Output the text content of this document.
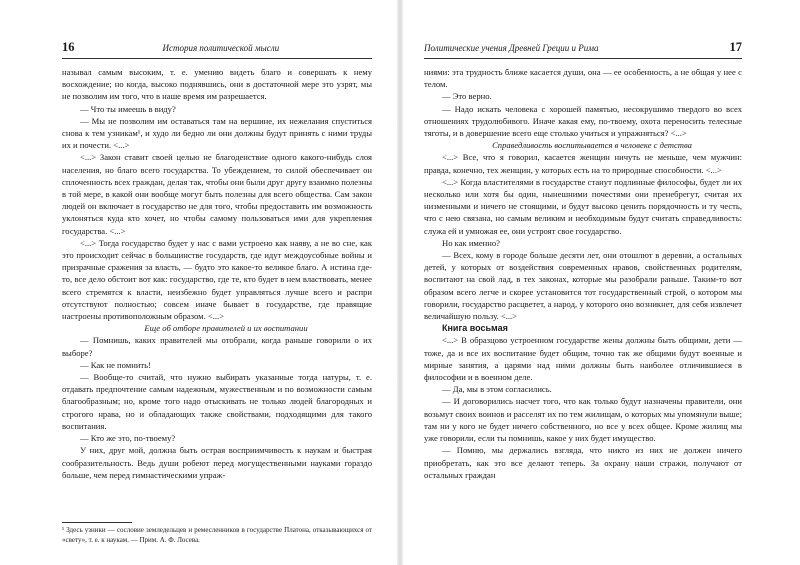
16	История политической мысли

называл самым высоким, т. е. умению видеть благо и совершать к нему восхождение; но когда, высоко поднявшись, они в достаточной мере это узрят, мы не позволим им того, что в наше время им разрешается.

— Что ты имеешь в виду?

— Мы не позволим им оставаться там на вершине, их нежелания спуститься снова к тем узникам¹, и худо ли бедно ли они должны будут принять с ними труды их и почести. <...>

<...> Закон ставит своей целью не благоденствие одного какого-нибудь слоя населения, но благо всего государства. То убеждением, то силой обеспечивает он сплоченность всех граждан, делая так, чтобы они были друг другу взаимно полезны в той мере, в какой они вообще могут быть полезны для всего общества. Сам закон людей он включает в государство не для того, чтобы предоставить им возможность уклоняться куда кто хочет, но чтобы самому пользоваться ими для укрепления государства. <...>

<...> Тогда государство будет у нас с вами устроено как наяву, а не во сне, как это происходит сейчас в большинстве государств, где идут междоусобные войны и призрачные сражения за власть, — будто это какое-то великое благо. А истина где-то, все дело обстоит вот как: государство, где те, кто будет в нем властвовать, менее всего стремятся к власти, неизбежно будет управляться лучше всего и распри отсутствуют полностью; совсем иначе бывает в государстве, где правящие настроены противоположным образом. <...>

Еще об отборе правителей и их воспитании

— Помнишь, каких правителей мы отобрали, когда раньше говорили о их выборе?

— Как не помнить!

— Вообще-то считай, что нужно выбирать указанные тогда натуры, т. е. отдавать предпочтение самым надежным, мужественным и по возможности самым благообразным; но, кроме того надо отыскивать не только людей благородных и строгого нрава, но и обладающих также свойствами, подходящими для такого воспитания.

— Кто же это, по-твоему?

У них, друг мой, должна быть острая восприимчивость к наукам и быстрая сообразительность. Ведь души робеют перед могущественными науками гораздо больше, чем перед гимнастическими упраж-

¹ Здесь узники — сословие земледельцев и ремесленников в государстве Платона, отказывающихся от «свету», т. е. к наукам. — Прим. А. Ф. Лосева.
Политические учения Древней Греции и Рима	17

ниями: эта трудность ближе касается души, она — ее особенность, а не общая у нее с телом.

— Это верно.

— Надо искать человека с хорошей памятью, несокрушимо твердого во всех отношениях трудолюбивого. Иначе какая ему, по-твоему, охота переносить телесные тяготы, и в довершение всего еще столько учиться и упражняться? <...>

Справедливость воспитывается в человеке с детства

<...> Все, что я говорил, касается женщин ничуть не меньше, чем мужчин: правда, конечно, тех женщин, у которых есть на то природные способности. <...>

<...> Когда властителями в государстве станут подлинные философы, будет ли их несколько или хотя бы один, нынешними почестями они пренебрегут, считая их низменными и ничего не стоящими, и будут высоко ценить порядочность и ту честь, что с нею связана, но самым великим и необходимым будут считать справедливость: служа ей и умножая ее, они устроят свое государство.

Но как именно?

— Всех, кому в городе больше десяти лет, они отошлют в деревни, а остальных детей, у которых от воздействия современных нравов, свойственных родителям, воспитают на свой лад, в тех законах, которые мы разобрали раньше. Таким-то вот образом всего легче и скорее установится тот государственный строй, о котором мы говорили, государство расцветет, а народ, у которого оно возникнет, для себя извлечет величайшую пользу. <...>

Книга восьмая

<...> В образцово устроенном государстве жены должны быть общими, дети — тоже, да и все их воспитание будет общим, точно так же общими будут военные и мирные занятия, а царями над ними должны быть наиболее отличившиеся в философии и в военном деле.

— Да, мы в этом согласились.

— И договорились насчет того, что как только будут назначены правители, они возьмут своих воинов и расселят их по тем жилищам, о которых мы упомянули выше; там ни у кого не будет ничего собственного, но все у всех общее. Кроме жилищ мы уже говорили, если ты помнишь, какое у них будет имущество.

— Помню, мы держались взгляда, что никто из них не должен ничего приобретать, как это все делают теперь. За охрану наши стражи, получают от остальных граждан
